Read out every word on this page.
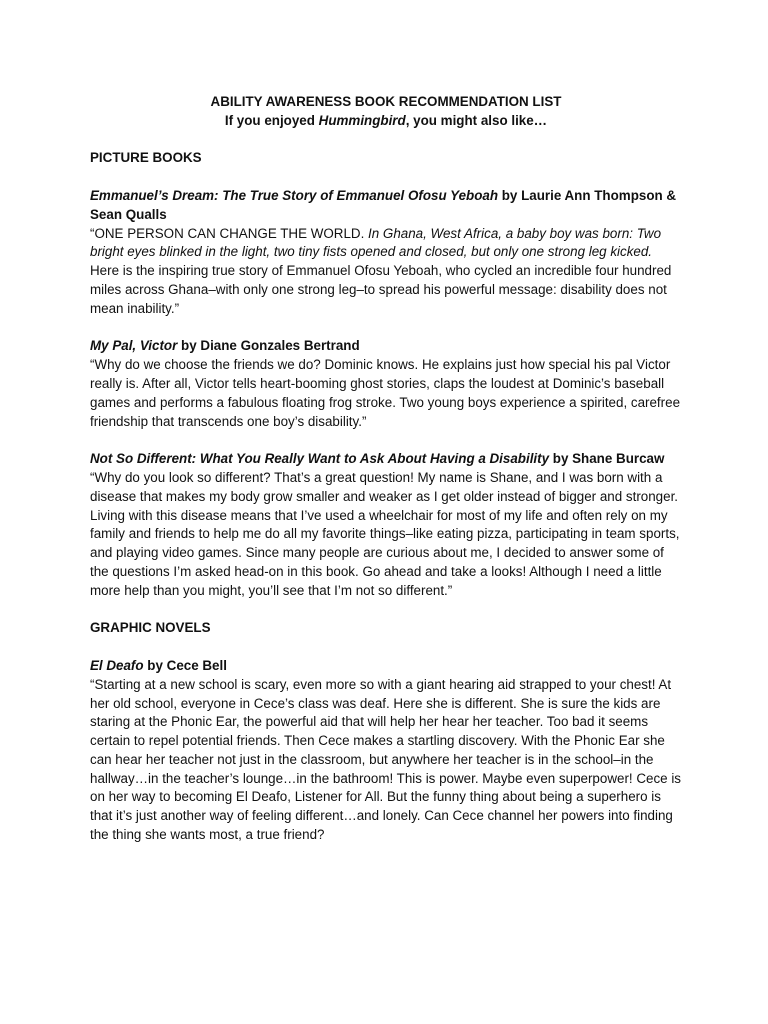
ABILITY AWARENESS BOOK RECOMMENDATION LIST

If you enjoyed Hummingbird, you might also like…

PICTURE BOOKS

Emmanuel’s Dream: The True Story of Emmanuel Ofosu Yeboah by Laurie Ann Thompson & Sean Qualls

“ONE PERSON CAN CHANGE THE WORLD. In Ghana, West Africa, a baby boy was born: Two bright eyes blinked in the light, two tiny fists opened and closed, but only one strong leg kicked. Here is the inspiring true story of Emmanuel Ofosu Yeboah, who cycled an incredible four hundred miles across Ghana–with only one strong leg–to spread his powerful message: disability does not mean inability.”

My Pal, Victor by Diane Gonzales Bertrand

“Why do we choose the friends we do? Dominic knows. He explains just how special his pal Victor really is. After all, Victor tells heart-booming ghost stories, claps the loudest at Dominic’s baseball games and performs a fabulous floating frog stroke. Two young boys experience a spirited, carefree friendship that transcends one boy’s disability.”

Not So Different: What You Really Want to Ask About Having a Disability by Shane Burcaw

“Why do you look so different? That’s a great question! My name is Shane, and I was born with a disease that makes my body grow smaller and weaker as I get older instead of bigger and stronger. Living with this disease means that I’ve used a wheelchair for most of my life and often rely on my family and friends to help me do all my favorite things–like eating pizza, participating in team sports, and playing video games. Since many people are curious about me, I decided to answer some of the questions I’m asked head-on in this book. Go ahead and take a looks! Although I need a little more help than you might, you’ll see that I’m not so different.”

GRAPHIC NOVELS

El Deafo by Cece Bell

“Starting at a new school is scary, even more so with a giant hearing aid strapped to your chest! At her old school, everyone in Cece’s class was deaf. Here she is different. She is sure the kids are staring at the Phonic Ear, the powerful aid that will help her hear her teacher. Too bad it seems certain to repel potential friends. Then Cece makes a startling discovery. With the Phonic Ear she can hear her teacher not just in the classroom, but anywhere her teacher is in the school–in the hallway…in the teacher’s lounge…in the bathroom! This is power. Maybe even superpower! Cece is on her way to becoming El Deafo, Listener for All. But the funny thing about being a superhero is that it’s just another way of feeling different…and lonely. Can Cece channel her powers into finding the thing she wants most, a true friend?
